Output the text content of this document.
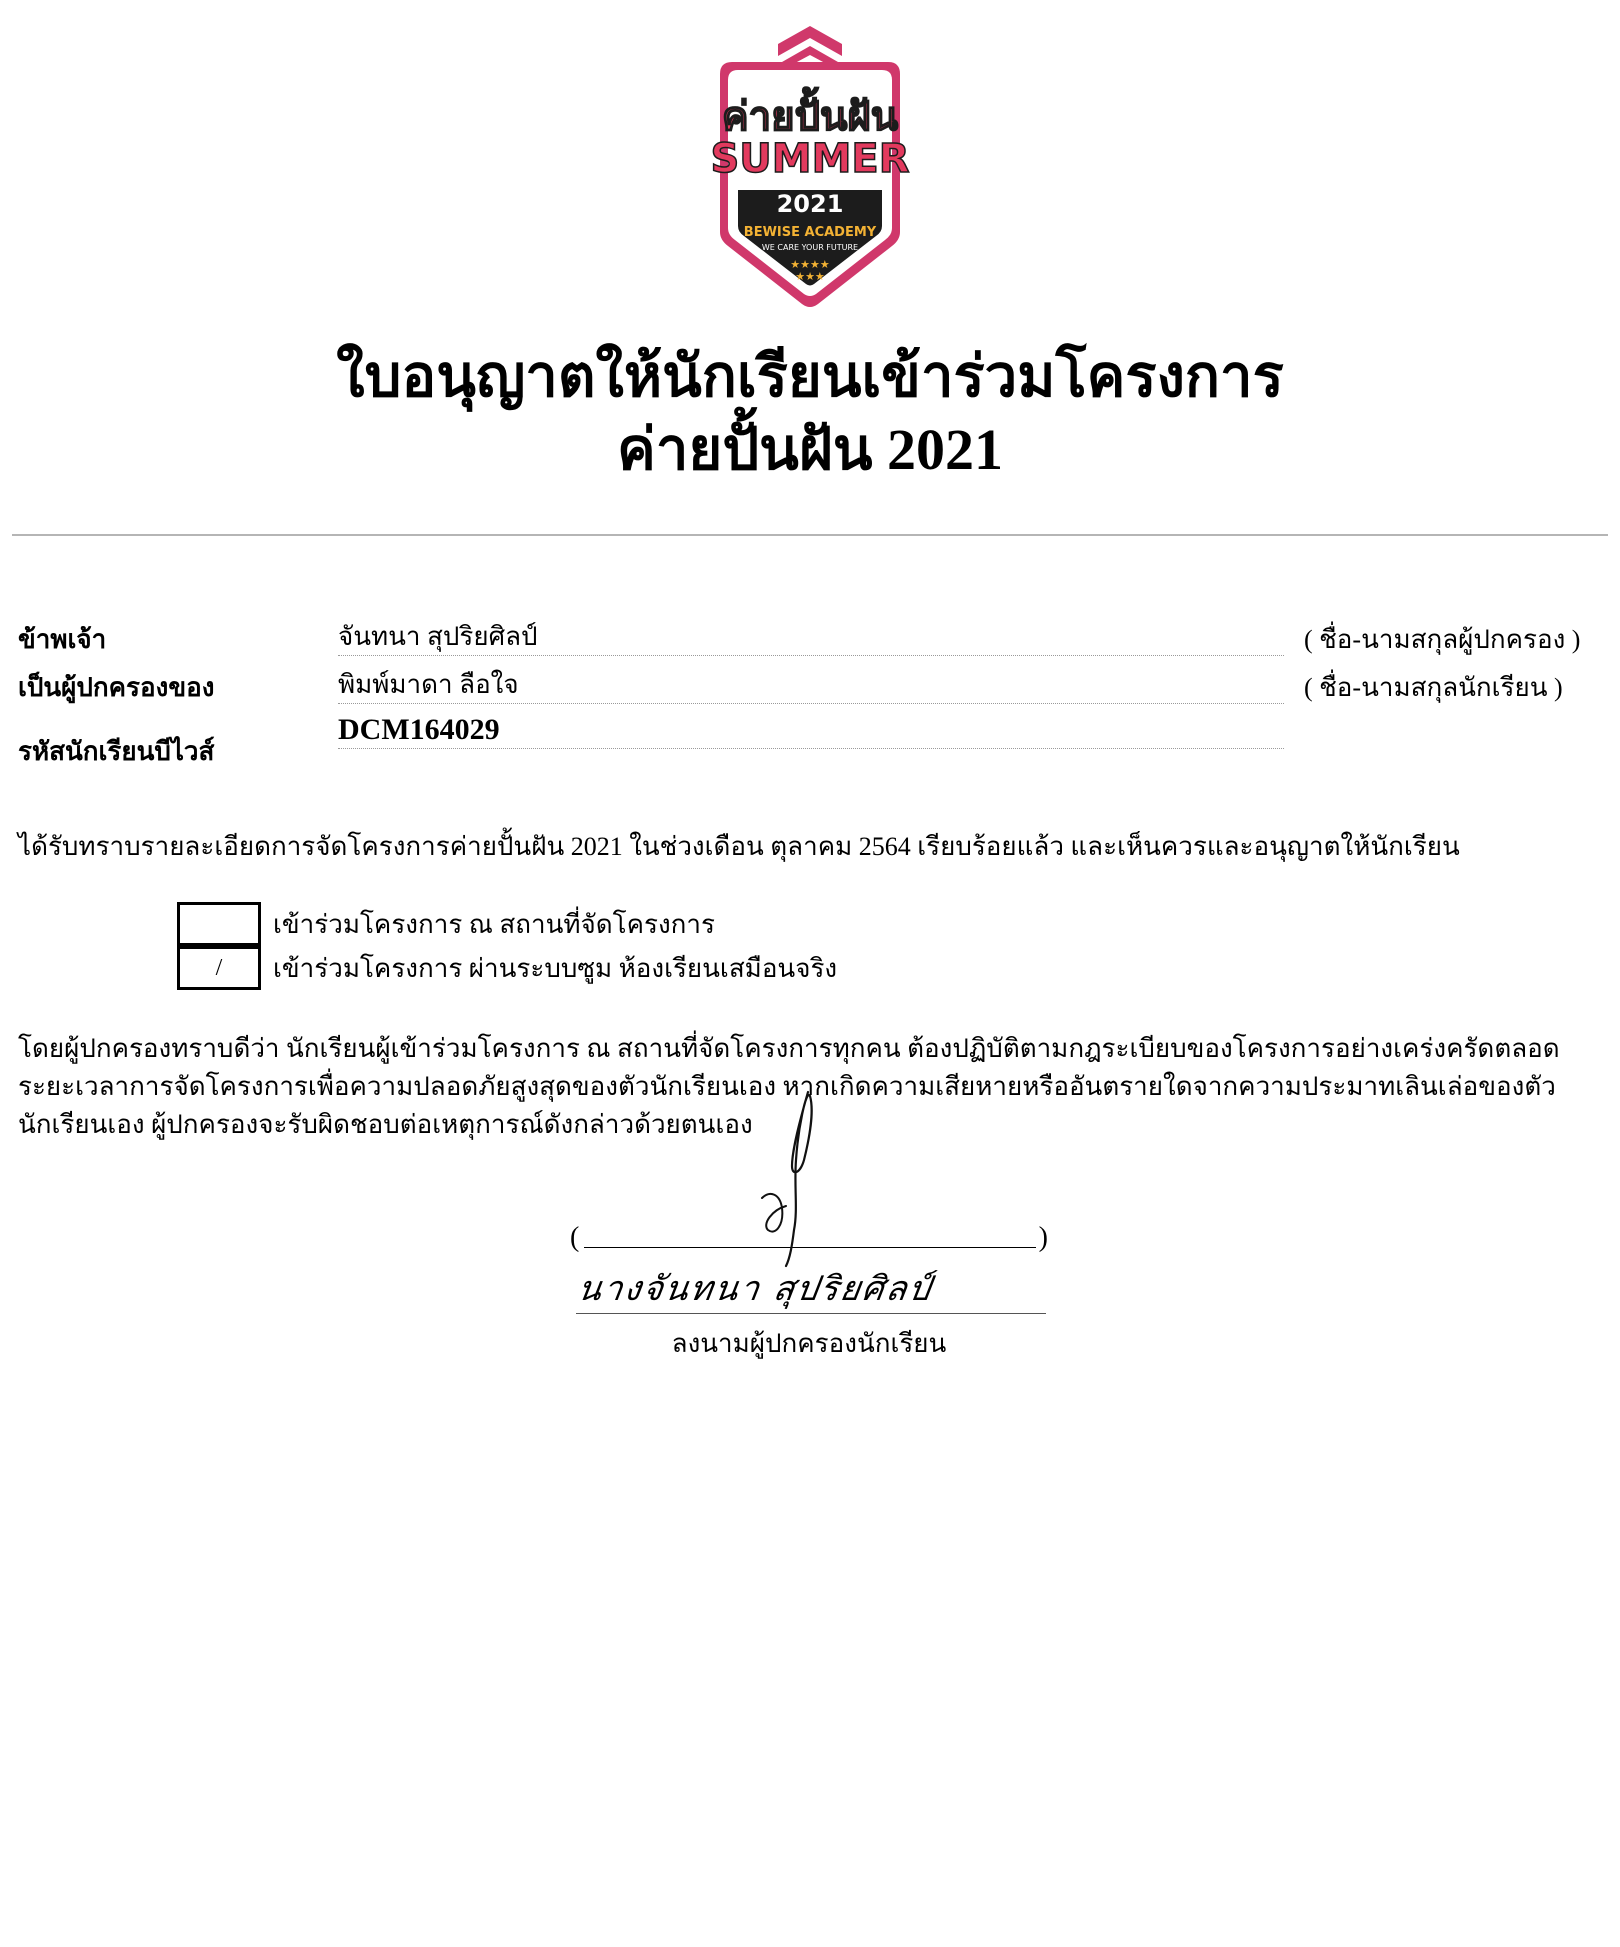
ค่ายปั้นฝัน
SUMMER
2021
BEWISE ACADEMY
WE CARE YOUR FUTURE
★★★★
★★★
ใบอนุญาตให้นักเรียนเข้าร่วมโครงการ
ค่ายปั้นฝัน 2021
ข้าพเจ้า	จันทนา สุปริยศิลป์	( ชื่อ-นามสกุลผู้ปกครอง )
เป็นผู้ปกครองของ	พิมพ์มาดา ลือใจ	( ชื่อ-นามสกุลนักเรียน )
รหัสนักเรียนบีไวส์
DCM164029
ได้รับทราบรายละเอียดการจัดโครงการค่ายปั้นฝัน 2021 ในช่วงเดือน ตุลาคม 2564 เรียบร้อยแล้ว และเห็นควรและอนุญาตให้นักเรียน
เข้าร่วมโครงการ ณ สถานที่จัดโครงการ
/	เข้าร่วมโครงการ ผ่านระบบซูม ห้องเรียนเสมือนจริง
โดยผู้ปกครองทราบดีว่า นักเรียนผู้เข้าร่วมโครงการ ณ สถานที่จัดโครงการทุกคน ต้องปฏิบัติตามกฎระเบียบของโครงการอย่างเคร่งครัดตลอดระยะเวลาการจัดโครงการเพื่อความปลอดภัยสูงสุดของตัวนักเรียนเอง หากเกิดความเสียหายหรืออันตรายใดจากความประมาทเลินเล่อของตัวนักเรียนเอง ผู้ปกครองจะรับผิดชอบต่อเหตุการณ์ดังกล่าวด้วยตนเอง
(	)
นางจันทนา สุปริยศิลป์
ลงนามผู้ปกครองนักเรียน
